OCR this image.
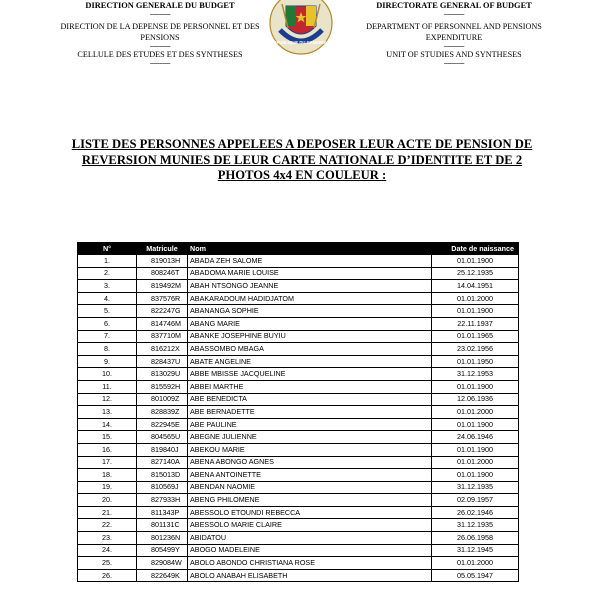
DIRECTION GENERALE DU BUDGET
-----------
DIRECTION DE LA DEPENSE DE PERSONNEL ET DES PENSIONS
-----------
CELLULE DES ETUDES ET DES SYNTHESES
-----------
REPUBLIQUE DU CAMEROUN
DIRECTORATE GENERAL OF BUDGET
-----------
DEPARTMENT OF PERSONNEL AND PENSIONS EXPENDITURE
-----------
UNIT OF STUDIES AND SYNTHESES
-----------
LISTE DES PERSONNES APPELEES A DEPOSER LEUR ACTE DE PENSION DE REVERSION MUNIES DE LEUR CARTE NATIONALE D’IDENTITE ET DE 2 PHOTOS 4x4 EN COULEUR :
N°	Matricule	Nom	Date de naissance
1.	819013H	ABADA ZEH SALOME	01.01.1900
2.	808246T	ABADOMA MARIE LOUISE	25.12.1935
3.	819492M	ABAH NTSONGO JEANNE	14.04.1951
4.	837576R	ABAKARADOUM HADIDJATOM	01.01.2000
5.	822247G	ABANANGA SOPHIE	01.01.1900
6.	814746M	ABANG MARIE	22.11.1937
7.	837710M	ABANKE JOSEPHINE BUYIU	01.01.1965
8.	816212X	ABASSOMBO MBAGA	23.02.1956
9.	828437U	ABATE ANGELINE	01.01.1950
10.	813029U	ABBE MBISSE JACQUELINE	31.12.1953
11.	815592H	ABBEI MARTHE	01.01.1900
12.	801009Z	ABE BENEDICTA	12.06.1936
13.	828839Z	ABE BERNADETTE	01.01.2000
14.	822945E	ABE PAULINE	01.01.1900
15.	804565U	ABEGNE JULIENNE	24.06.1946
16.	819840J	ABEKOU MARIE	01.01.1900
17.	827140A	ABENA ABONGO AGNES	01.01.2000
18.	815013D	ABENA ANTOINETTE	01.01.1900
19.	810569J	ABENDAN NAOMIE	31.12.1935
20.	827933H	ABENG PHILOMENE	02.09.1957
21.	811343P	ABESSOLO ETOUNDI REBECCA	26.02.1946
22.	801131C	ABESSOLO MARIE CLAIRE	31.12.1935
23.	801236N	ABIDATOU	26.06.1958
24.	805499Y	ABOGO MADELEINE	31.12.1945
25.	829084W	ABOLO ABONDO CHRISTIANA ROSE	01.01.2000
26.	822649K	ABOLO ANABAH ELISABETH	05.05.1947
